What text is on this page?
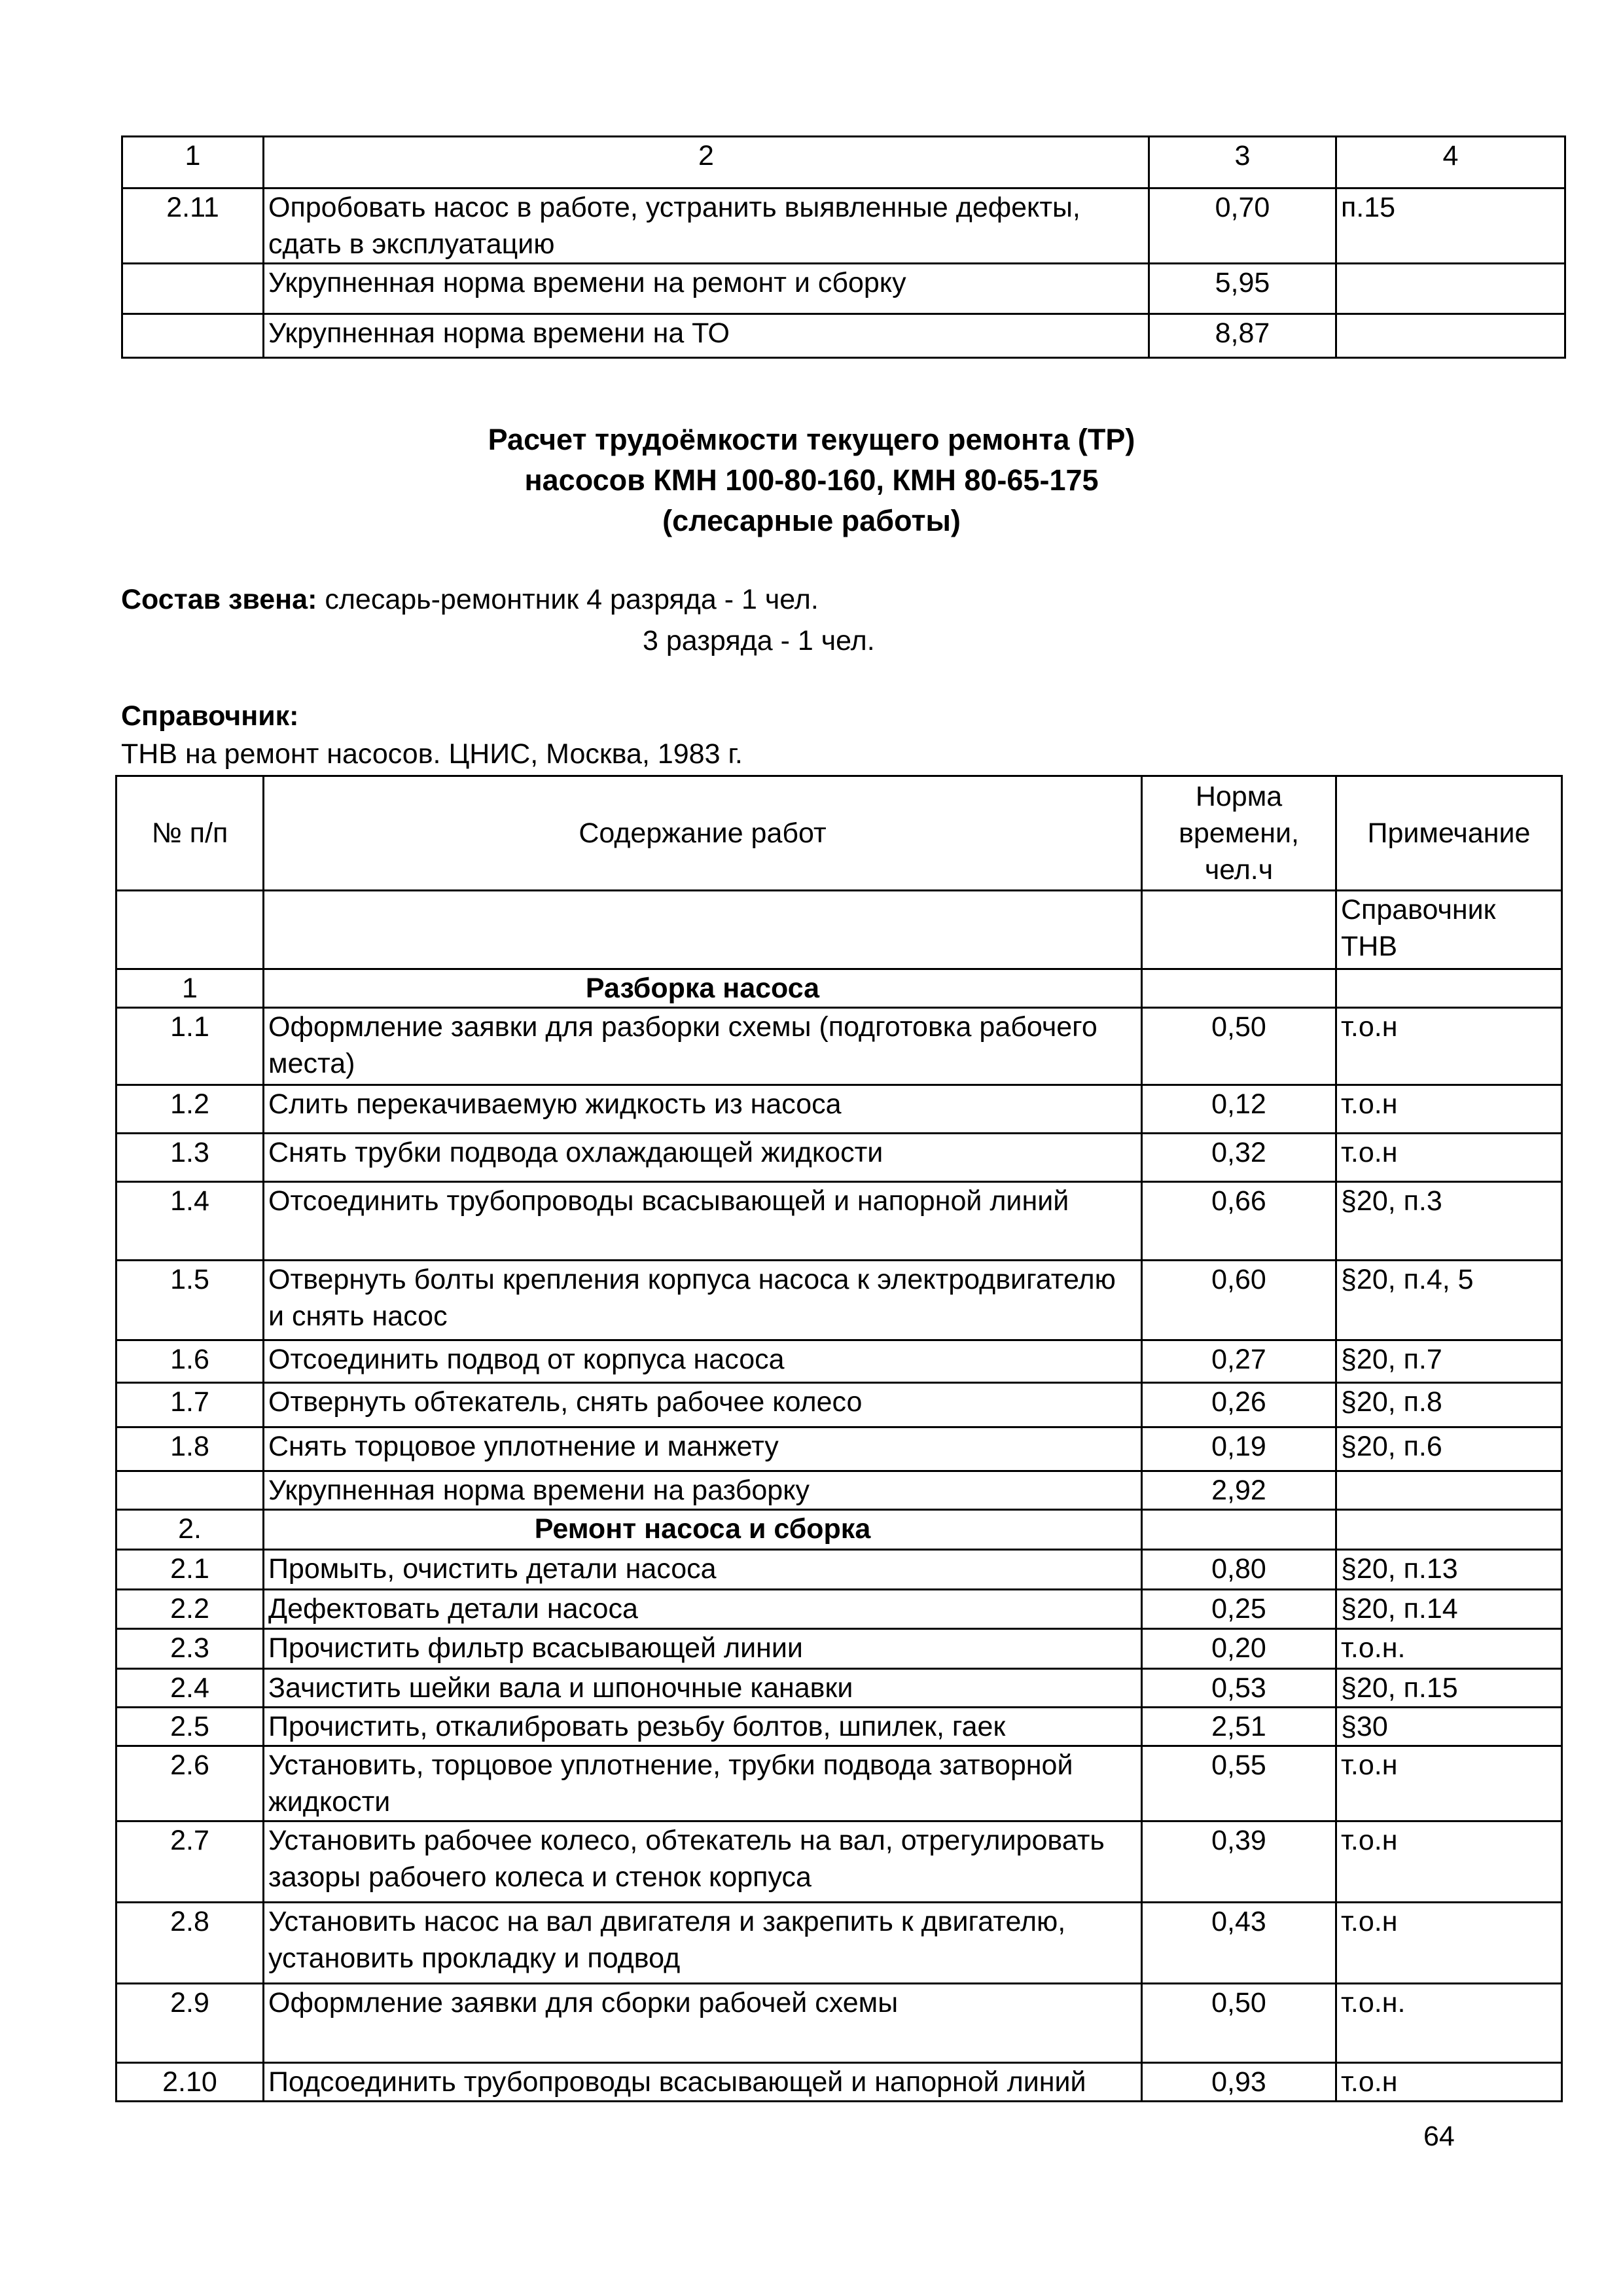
1	2	3	4
2.11	Опробовать насос в работе, устранить выявленные дефекты, сдать в эксплуатацию	0,70	п.15
	Укрупненная норма времени на ремонт и сборку	5,95	
	Укрупненная норма времени на ТО	8,87	
Расчет трудоёмкости текущего ремонта (ТР)
насосов КМН 100-80-160, КМН 80-65-175
(слесарные работы)
Состав звена: слесарь-ремонтник 4 разряда - 1 чел.
3 разряда - 1 чел.
Справочник:
ТНВ на ремонт насосов. ЦНИС, Москва, 1983 г.
№ п/п	Содержание работ	Норма времени, чел.ч	Примечание
			Справочник ТНВ
1	Разборка насоса		
1.1	Оформление заявки для разборки схемы (подготовка рабочего места)	0,50	т.о.н
1.2	Слить перекачиваемую жидкость из насоса	0,12	т.о.н
1.3	Снять трубки подвода охлаждающей жидкости	0,32	т.о.н
1.4	Отсоединить трубопроводы всасывающей и напорной линий	0,66	§20, п.3
1.5	Отвернуть болты крепления корпуса насоса к электродвигателю и снять насос	0,60	§20, п.4, 5
1.6	Отсоединить подвод от корпуса насоса	0,27	§20, п.7
1.7	Отвернуть обтекатель, снять рабочее колесо	0,26	§20, п.8
1.8	Снять торцовое уплотнение и манжету	0,19	§20, п.6
	Укрупненная норма времени на разборку	2,92	
2.	Ремонт насоса и сборка		
2.1	Промыть, очистить детали насоса	0,80	§20, п.13
2.2	Дефектовать детали насоса	0,25	§20, п.14
2.3	Прочистить фильтр всасывающей линии	0,20	т.о.н.
2.4	Зачистить шейки вала и шпоночные канавки	0,53	§20, п.15
2.5	Прочистить, откалибровать резьбу болтов, шпилек, гаек	2,51	§30
2.6	Установить, торцовое уплотнение, трубки подвода затворной жидкости	0,55	т.о.н
2.7	Установить рабочее колесо, обтекатель на вал, отрегулировать зазоры рабочего колеса и стенок корпуса	0,39	т.о.н
2.8	Установить насос на вал двигателя и закрепить к двигателю, установить прокладку и подвод	0,43	т.о.н
2.9	Оформление заявки для сборки рабочей схемы	0,50	т.о.н.
2.10	Подсоединить трубопроводы всасывающей и напорной линий	0,93	т.о.н
64
